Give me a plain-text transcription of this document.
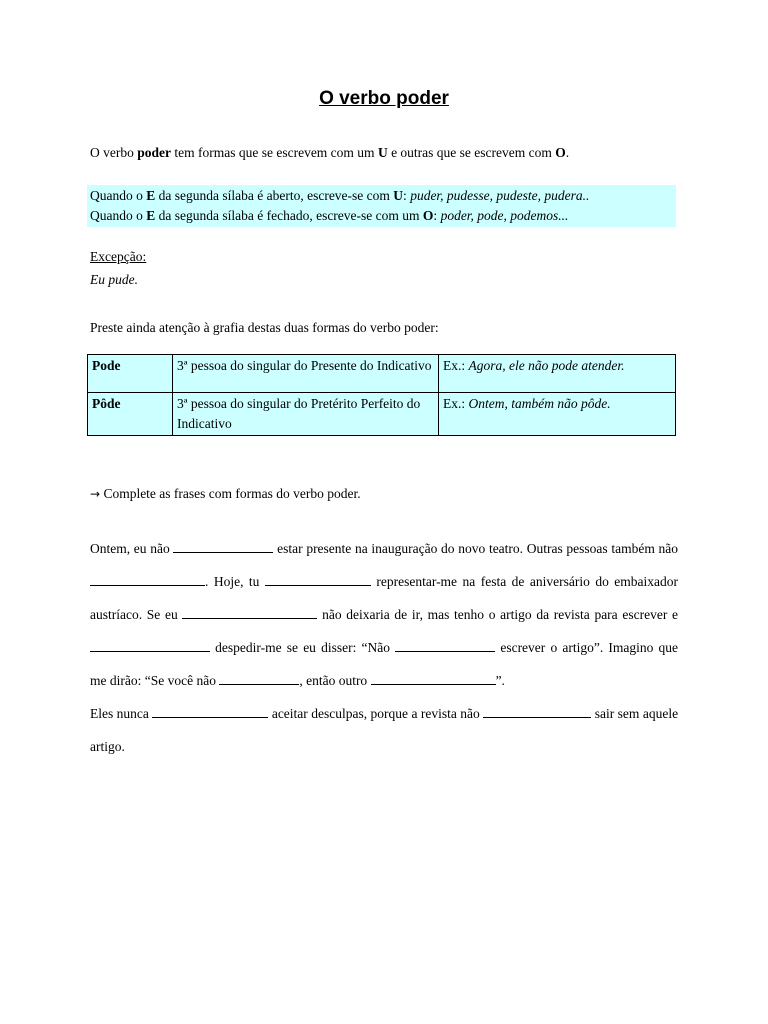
O verbo poder
O verbo poder tem formas que se escrevem com um U e outras que se escrevem com O.
Quando o E da segunda sílaba é aberto, escreve-se com U: puder, pudesse, pudeste, pudera..
Quando o E da segunda sílaba é fechado, escreve-se com um O: poder, pode, podemos...
Excepção:
Eu pude.
Preste ainda atenção à grafia destas duas formas do verbo poder:
Pode	3ª pessoa do singular do Presente do Indicativo	Ex.: Agora, ele não pode atender.
Pôde	3ª pessoa do singular do Pretérito Perfeito do Indicativo	Ex.: Ontem, também não pôde.
→ Complete as frases com formas do verbo poder.

Ontem, eu não	estar presente na inauguração do novo teatro. Outras pessoas também não . Hoje, tu	representar-me na festa de aniversário do embaixador austríaco. Se eu	não deixaria de ir, mas tenho o artigo da revista para escrever e  despedir-me se eu disser: “Não	escrever o artigo”. Imagino que me dirão: “Se você não	, então outro	”.

Eles nunca	aceitar desculpas, porque a revista não	sair sem aquele artigo.
